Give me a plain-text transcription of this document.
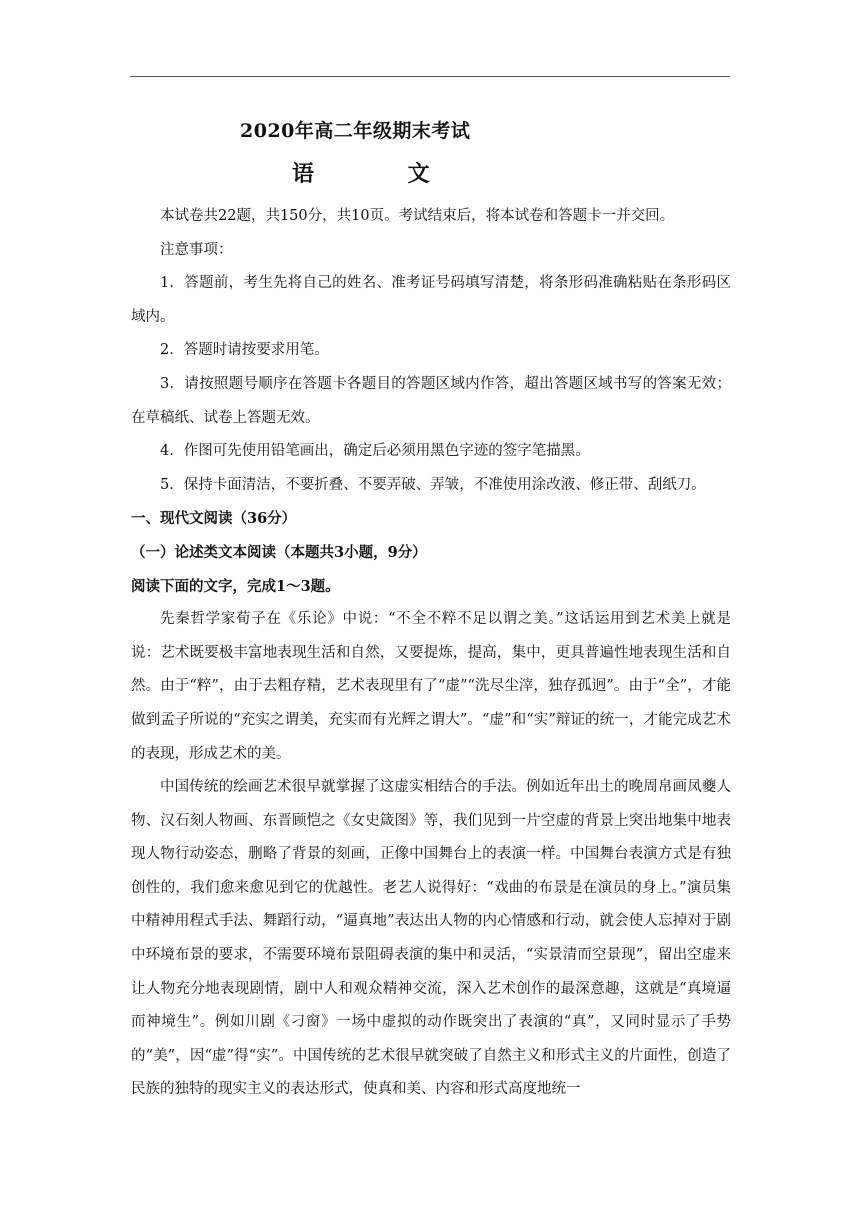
2020年高二年级期末考试
语 文

本试卷共22题，共150分，共10页。考试结束后，将本试卷和答题卡一并交回。

注意事项：

1．答题前，考生先将自己的姓名、准考证号码填写清楚，将条形码准确粘贴在条形码区域内。

2．答题时请按要求用笔。

3．请按照题号顺序在答题卡各题目的答题区域内作答，超出答题区域书写的答案无效；在草稿纸、试卷上答题无效。

4．作图可先使用铅笔画出，确定后必须用黑色字迹的签字笔描黑。

5．保持卡面清洁，不要折叠、不要弄破、弄皱，不准使用涂改液、修正带、刮纸刀。

一、现代文阅读（36分）

（一）论述类文本阅读（本题共3小题，9分）

阅读下面的文字，完成1～3题。

先秦哲学家荀子在《乐论》中说：“不全不粹不足以谓之美。”这话运用到艺术美上就是说：艺术既要极丰富地表现生活和自然，又要提炼，提高，集中，更具普遍性地表现生活和自然。由于“粹”，由于去粗存精，艺术表现里有了“虚”“洗尽尘滓，独存孤迥”。由于“全”，才能做到孟子所说的“充实之谓美，充实而有光辉之谓大”。“虚”和“实”辩证的统一，才能完成艺术的表现，形成艺术的美。

中国传统的绘画艺术很早就掌握了这虚实相结合的手法。例如近年出土的晚周帛画凤夔人物、汉石刻人物画、东晋顾恺之《女史箴图》等，我们见到一片空虚的背景上突出地集中地表现人物行动姿态，删略了背景的刻画，正像中国舞台上的表演一样。中国舞台表演方式是有独创性的，我们愈来愈见到它的优越性。老艺人说得好：“戏曲的布景是在演员的身上。”演员集中精神用程式手法、舞蹈行动，“逼真地”表达出人物的内心情感和行动，就会使人忘掉对于剧中环境布景的要求，不需要环境布景阻碍表演的集中和灵活，“实景清而空景现”，留出空虚来让人物充分地表现剧情，剧中人和观众精神交流，深入艺术创作的最深意趣，这就是“真境逼而神境生”。例如川剧《刁窗》一场中虚拟的动作既突出了表演的“真”，又同时显示了手势的“美”，因“虚”得“实”。中国传统的艺术很早就突破了自然主义和形式主义的片面性，创造了民族的独特的现实主义的表达形式，使真和美、内容和形式高度地统一
